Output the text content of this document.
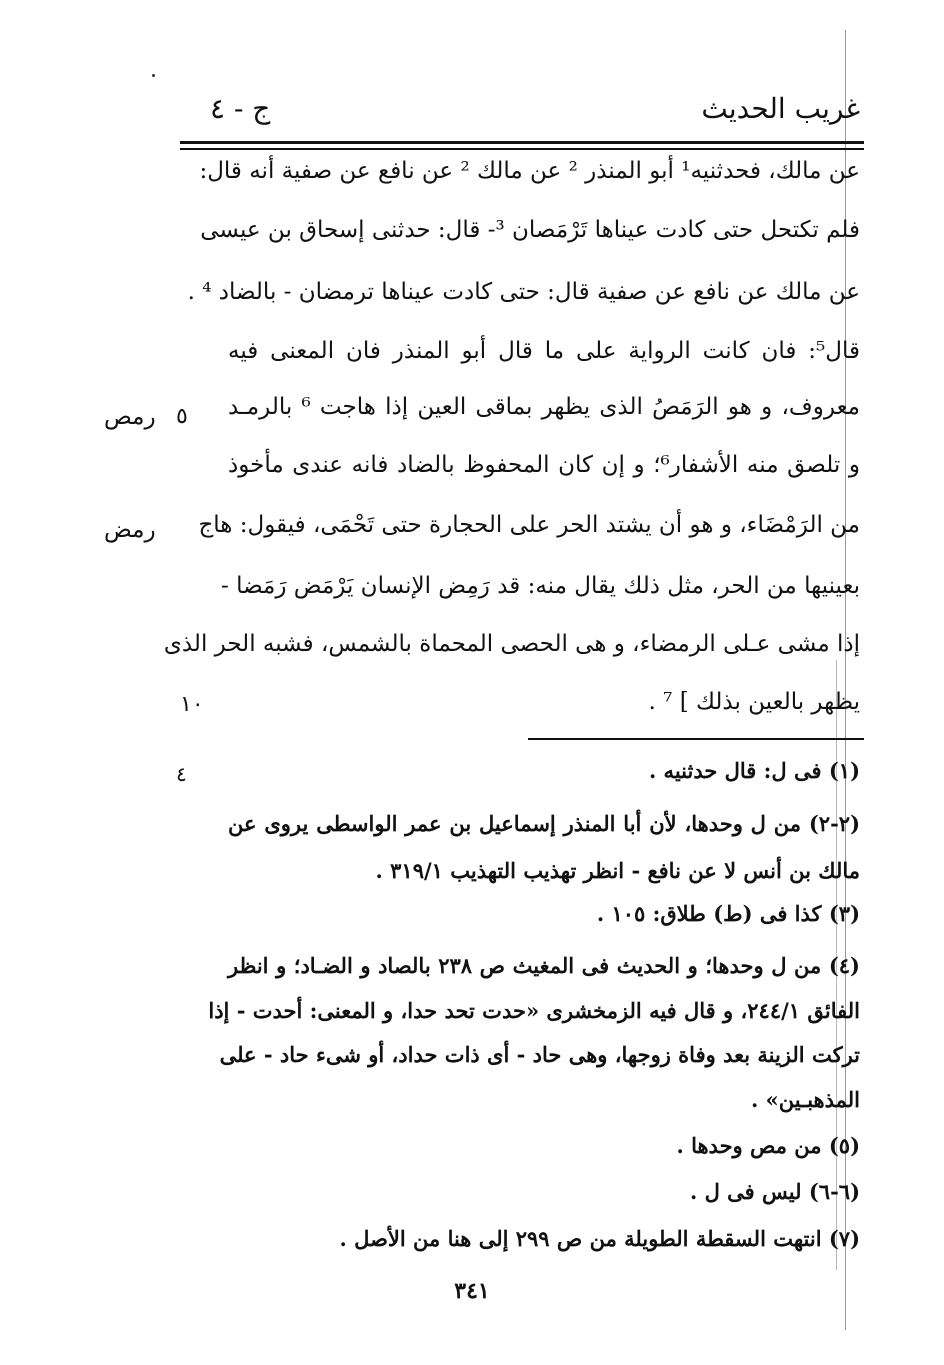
غريب الحديث
ج - ٤
عن مالك، فحدثنيه¹ أبو المنذر ² عن مالك ² عن نافع عن صفية أنه قال:
فلم تكتحل حتى كادت عيناها تَرْمَصان ³- قال: حدثنى إسحاق بن عيسى
عن مالك عن نافع عن صفية قال: حتى كادت عيناها ترمضان - بالضاد ⁴ .
قال⁵: فان كانت الرواية على ما قال أبو المنذر فان المعنى فيه
معروف، و هو الرَمَصُ الذى يظهر بماقى العين إذا هاجت ⁶ بالرمـد
و تلصق منه الأشفار⁶؛ و إن كان المحفوظ بالضاد فانه عندى مأخوذ
من الرَمْضَاء، و هو أن يشتد الحر على الحجارة حتى تَحْمَى، فيقول: هاج
بعينيها من الحر، مثل ذلك يقال منه: قد رَمِض الإنسان يَرْمَض رَمَضا -
إذا مشى عـلى الرمضاء، و هى الحصى المحماة بالشمس، فشبه الحر الذى
يظهر بالعين بذلك ] ⁷ .
رمص
رمض
٥
١٠
٤	(١) فى ل: قال حدثنيه .
(٢-٢) من ل وحدها، لأن أبا المنذر إسماعيل بن عمر الواسطى يروى عن
مالك بن أنس لا عن نافع - انظر تهذيب التهذيب ٣١٩/١ .
(٣) كذا فى (ط) طلاق: ١٠٥ .
(٤) من ل وحدها؛ و الحديث فى المغيث ص ٢٣٨ بالصاد و الضـاد؛ و انظر
الفائق ٢٤٤/١، و قال فيه الزمخشرى «حدت تحد حدا، و المعنى: أحدت - إذا
تركت الزينة بعد وفاة زوجها، وهى حاد - أى ذات حداد، أو شىء حاد - على
المذهبـين» .
(٥) من مص وحدها .
(٦-٦) ليس فى ل .
(٧) انتهت السقطة الطويلة من ص ٢٩٩ إلى هنا من الأصل .
٣٤١
